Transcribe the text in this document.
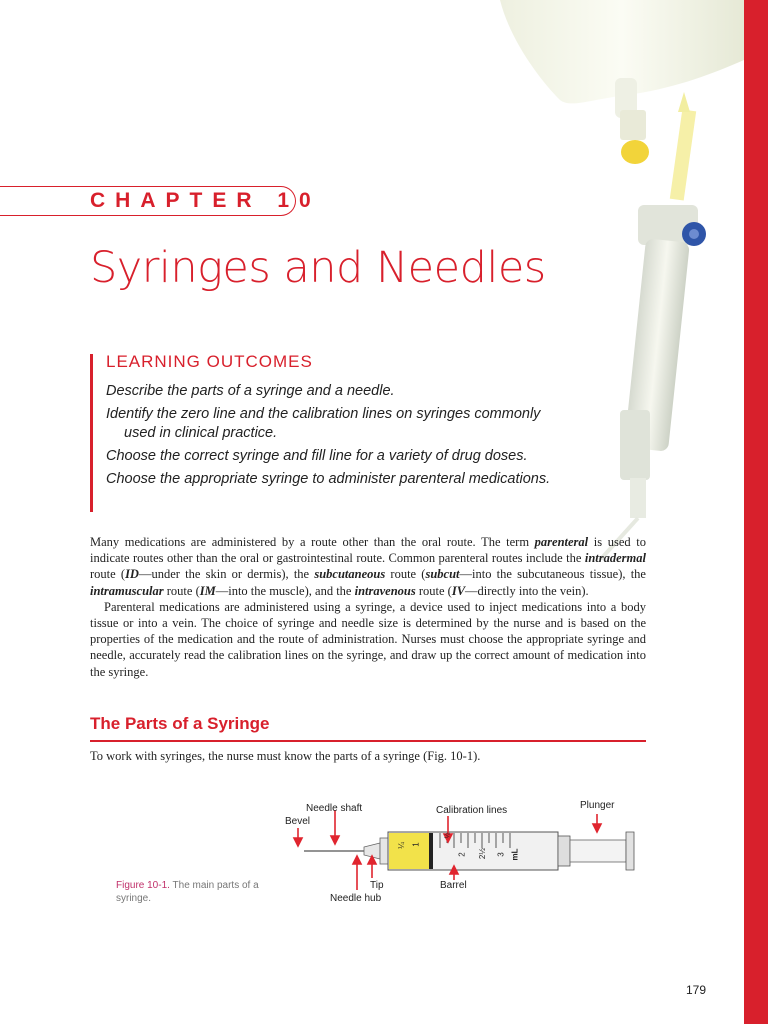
CHAPTER 10
Syringes and Needles
LEARNING OUTCOMES
Describe the parts of a syringe and a needle.
Identify the zero line and the calibration lines on syringes commonly used in clinical practice.
Choose the correct syringe and fill line for a variety of drug doses.
Choose the appropriate syringe to administer parenteral medications.

Many medications are administered by a route other than the oral route. The term parenteral is used to indicate routes other than the oral or gastrointestinal route. Common parenteral routes include the intradermal route (ID—under the skin or dermis), the subcutaneous route (subcut—into the subcutaneous tissue), the intramuscular route (IM—into the muscle), and the intravenous route (IV—directly into the vein).

Parenteral medications are administered using a syringe, a device used to inject medications into a body tissue or into a vein. The choice of syringe and needle size is determined by the nurse and is based on the properties of the medication and the route of administration. Nurses must choose the appropriate syringe and needle, accurately read the calibration lines on the syringe, and draw up the correct amount of medication into the syringe.

The Parts of a Syringe
To work with syringes, the nurse must know the parts of a syringe (Fig. 10-1).
Needle shaft
Bevel
Calibration lines	Plunger
Tip
Needle hub
Barrel
¼ 1
½
2 2½ 3 mL
Figure 10-1. The main parts of a syringe.
179
